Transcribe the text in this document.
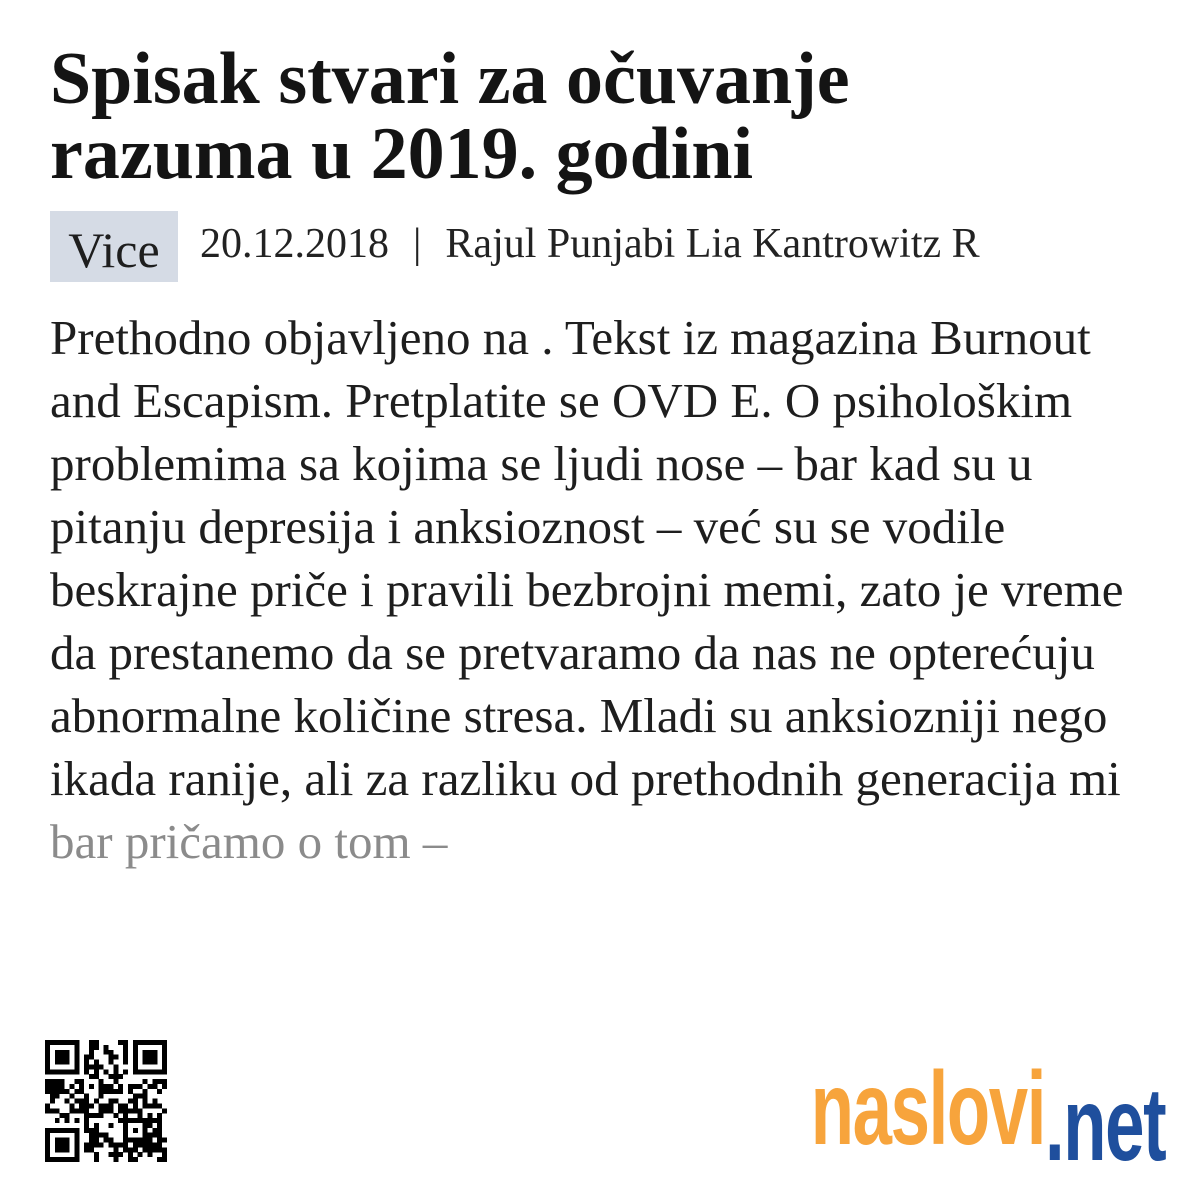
Spisak stvari za očuvanje razuma u 2019. godini
Vice 20.12.2018 | Rajul Punjabi Lia Kantrowitz R
Prethodno objavljeno na . Tekst iz magazina Burnout
and Escapism. Pretplatite se OVD E. O psihološkim
problemima sa kojima se ljudi nose – bar kad su u
pitanju depresija i anksioznost – već su se vodile
beskrajne priče i pravili bezbrojni memi, zato je vreme
da prestanemo da se pretvaramo da nas ne opterećuju
abnormalne količine stresa. Mladi su anksiozniji nego
ikada ranije, ali za razliku od prethodnih generacija mi
bar pričamo o tom –
naslovi.net
